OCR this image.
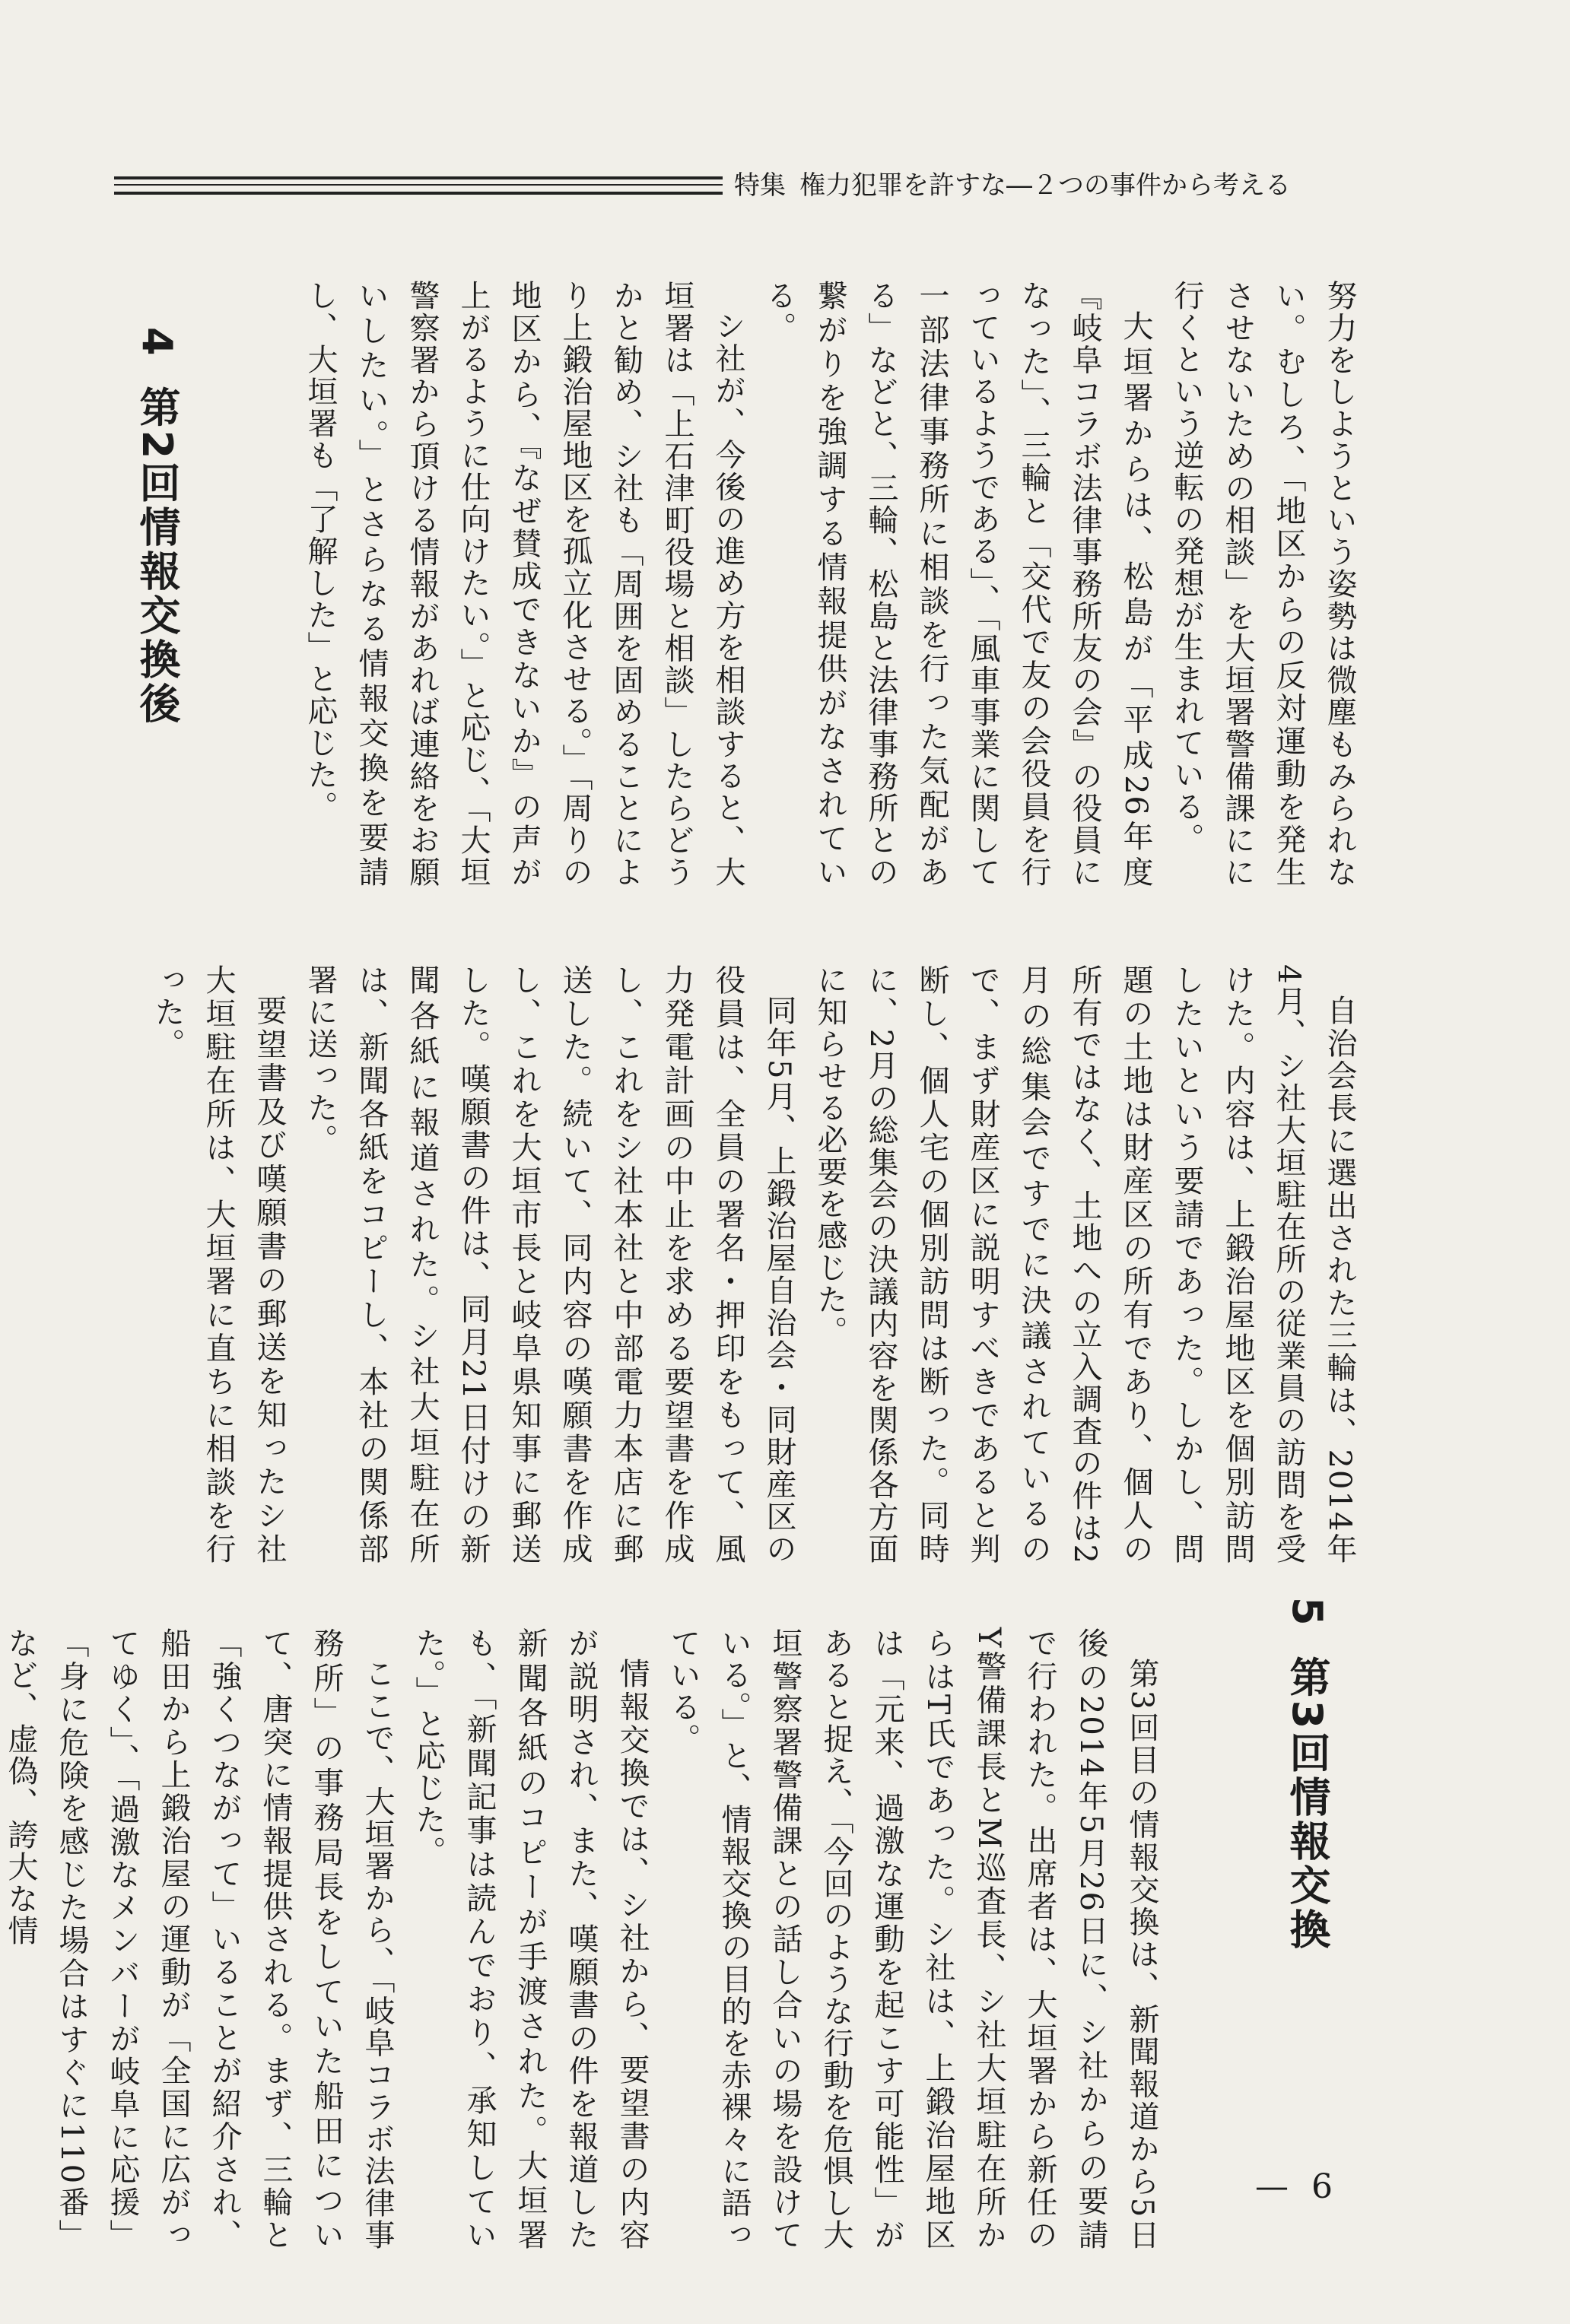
特集 権力犯罪を許すな―２つの事件から考える

努力をしようという姿勢は微塵もみられない。むしろ、「地区からの反対運動を発生させないための相談」を大垣署警備課にに行くという逆転の発想が生まれている。

大垣署からは、松島が「平成26年度『岐阜コラボ法律事務所友の会』の役員になった」、三輪と「交代で友の会役員を行っているようである」、「風車事業に関して一部法律事務所に相談を行った気配がある」などと、三輪、松島と法律事務所との繋がりを強調する情報提供がなされている。

シ社が、今後の進め方を相談すると、大垣署は「上石津町役場と相談」したらどうかと勧め、シ社も「周囲を固めることにより上鍛治屋地区を孤立化させる。」「周りの地区から、『なぜ賛成できないか』の声が上がるように仕向けたい。」と応じ、「大垣警察署から頂ける情報があれば連絡をお願いしたい。」とさらなる情報交換を要請し、大垣署も「了解した」と応じた。

4第2回情報交換後

自治会長に選出された三輪は、2014年4月、シ社大垣駐在所の従業員の訪問を受けた。内容は、上鍛治屋地区を個別訪問したいという要請であった。しかし、問題の土地は財産区の所有であり、個人の所有ではなく、土地への立入調査の件は2月の総集会ですでに決議されているので、まず財産区に説明すべきであると判断し、個人宅の個別訪問は断った。同時に、2月の総集会の決議内容を関係各方面に知らせる必要を感じた。

同年5月、上鍛治屋自治会・同財産区の役員は、全員の署名・押印をもって、風力発電計画の中止を求める要望書を作成し、これをシ社本社と中部電力本店に郵送した。続いて、同内容の嘆願書を作成し、これを大垣市長と岐阜県知事に郵送した。嘆願書の件は、同月21日付けの新聞各紙に報道された。シ社大垣駐在所は、新聞各紙をコピーし、本社の関係部署に送った。

要望書及び嘆願書の郵送を知ったシ社大垣駐在所は、大垣署に直ちに相談を行った。

5第3回情報交換

第3回目の情報交換は、新聞報道から5日後の2014年5月26日に、シ社からの要請で行われた。出席者は、大垣署から新任のY警備課長とM巡査長、シ社大垣駐在所からはT氏であった。シ社は、上鍛治屋地区は「元来、過激な運動を起こす可能性」があると捉え、「今回のような行動を危惧し大垣警察署警備課との話し合いの場を設けている。」と、情報交換の目的を赤裸々に語っている。

情報交換では、シ社から、要望書の内容が説明され、また、嘆願書の件を報道した新聞各紙のコピーが手渡された。大垣署も、「新聞記事は読んでおり、承知していた。」と応じた。

ここで、大垣署から、「岐阜コラボ法律事務所」の事務局長をしていた船田について、唐突に情報提供される。まず、三輪と「強くつながって」いることが紹介され、船田から上鍛治屋の運動が「全国に広がってゆく」、「過激なメンバーが岐阜に応援」「身に危険を感じた場合はすぐに110番」など、虚偽、誇大な情

— 6
